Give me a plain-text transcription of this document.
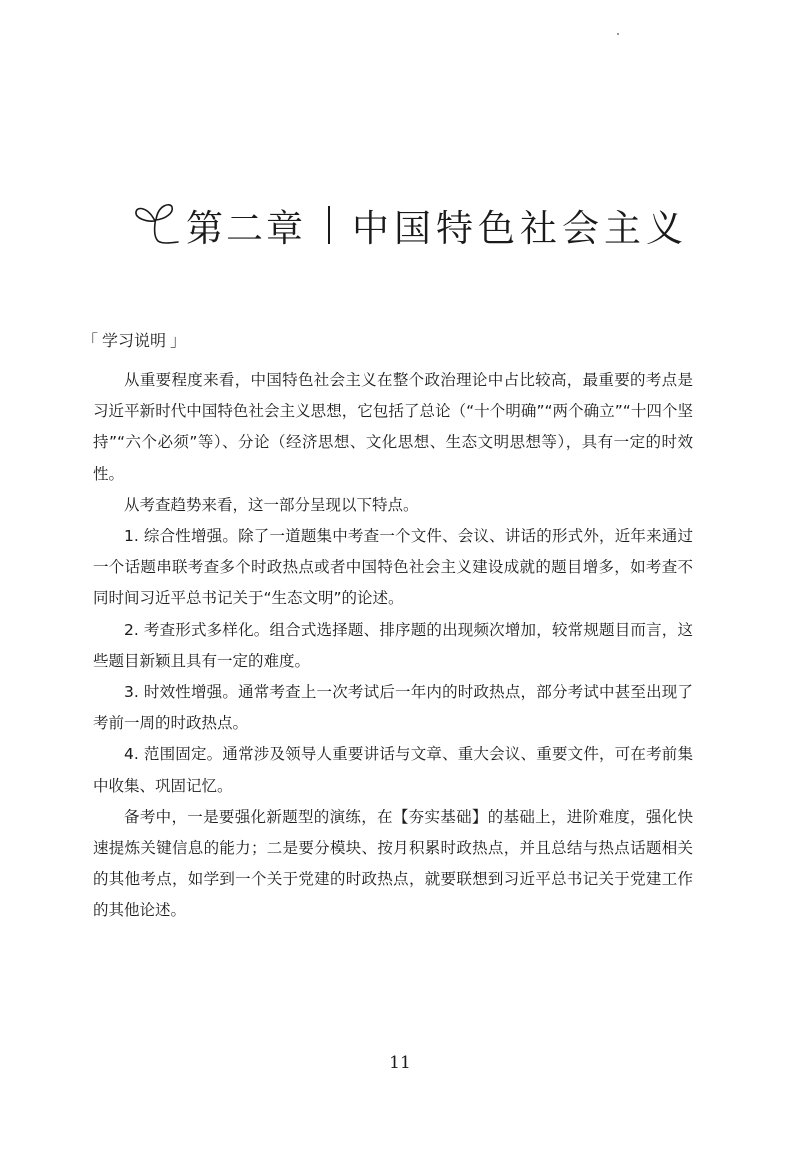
第二章 中国特色社会主义
「 学习说明 」

从重要程度来看，中国特色社会主义在整个政治理论中占比较高，最重要的考点是习近平新时代中国特色社会主义思想，它包括了总论（“十个明确”“两个确立”“十四个坚持”“六个必须”等）、分论（经济思想、文化思想、生态文明思想等），具有一定的时效性。

从考查趋势来看，这一部分呈现以下特点。

1. 综合性增强。除了一道题集中考查一个文件、会议、讲话的形式外，近年来通过一个话题串联考查多个时政热点或者中国特色社会主义建设成就的题目增多，如考查不同时间习近平总书记关于“生态文明”的论述。

2. 考查形式多样化。组合式选择题、排序题的出现频次增加，较常规题目而言，这些题目新颖且具有一定的难度。

3. 时效性增强。通常考查上一次考试后一年内的时政热点，部分考试中甚至出现了考前一周的时政热点。

4. 范围固定。通常涉及领导人重要讲话与文章、重大会议、重要文件，可在考前集中收集、巩固记忆。

备考中，一是要强化新题型的演练，在【夯实基础】的基础上，进阶难度，强化快速提炼关键信息的能力；二是要分模块、按月积累时政热点，并且总结与热点话题相关的其他考点，如学到一个关于党建的时政热点，就要联想到习近平总书记关于党建工作的其他论述。

11
